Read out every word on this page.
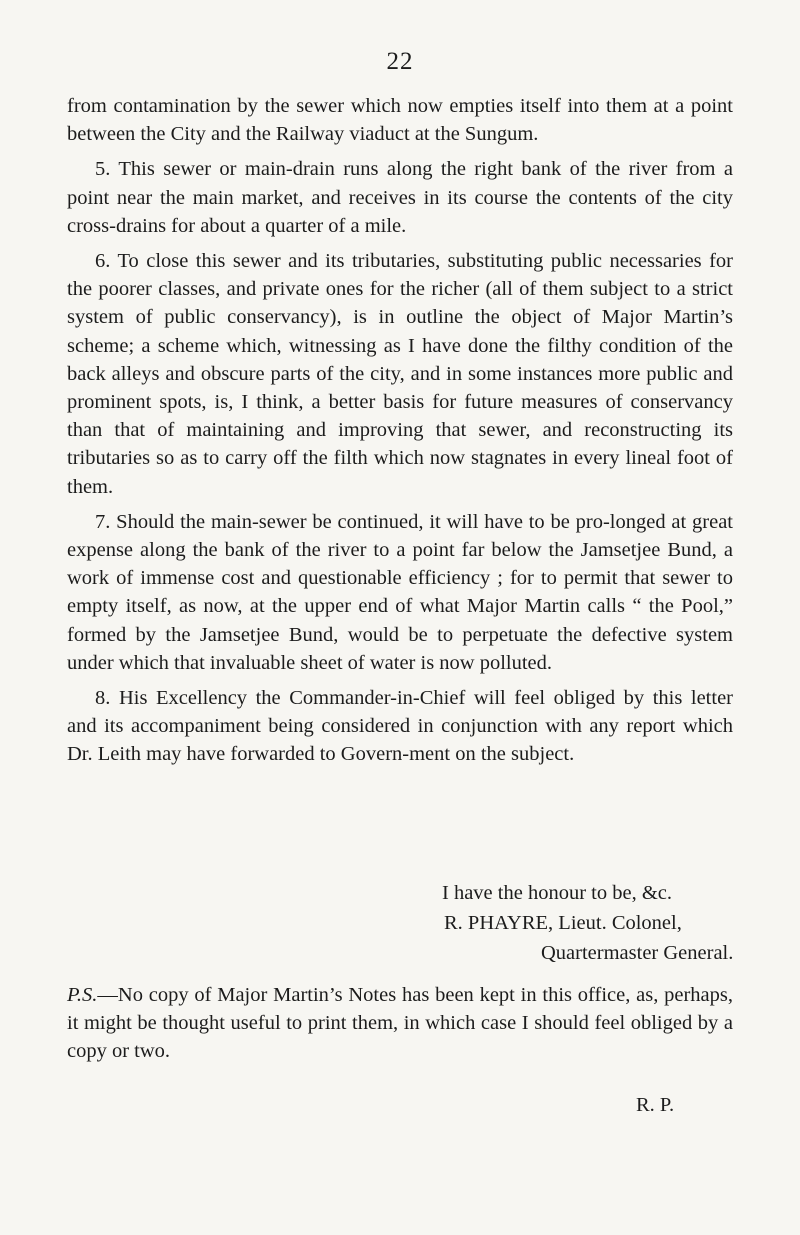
22

from contamination by the sewer which now empties itself into them at a point between the City and the Railway viaduct at the Sungum.

5. This sewer or main-drain runs along the right bank of the river from a point near the main market, and receives in its course the contents of the city cross-drains for about a quarter of a mile.

6. To close this sewer and its tributaries, substituting public necessaries for the poorer classes, and private ones for the richer (all of them subject to a strict system of public conservancy), is in outline the object of Major Martin’s scheme; a scheme which, witnessing as I have done the filthy condition of the back alleys and obscure parts of the city, and in some instances more public and prominent spots, is, I think, a better basis for future measures of conservancy than that of maintaining and improving that sewer, and reconstructing its tributaries so as to carry off the filth which now stagnates in every lineal foot of them.

7. Should the main-sewer be continued, it will have to be pro-longed at great expense along the bank of the river to a point far below the Jamsetjee Bund, a work of immense cost and questionable efficiency ; for to permit that sewer to empty itself, as now, at the upper end of what Major Martin calls “ the Pool,” formed by the Jamsetjee Bund, would be to perpetuate the defective system under which that invaluable sheet of water is now polluted.

8. His Excellency the Commander-in-Chief will feel obliged by this letter and its accompaniment being considered in conjunction with any report which Dr. Leith may have forwarded to Govern-ment on the subject.

I have the honour to be, &c.
R. PHAYRE, Lieut. Colonel,
Quartermaster General.
P.S.—No copy of Major Martin’s Notes has been kept in this office, as, perhaps, it might be thought useful to print them, in which case I should feel obliged by a copy or two.
R. P.
